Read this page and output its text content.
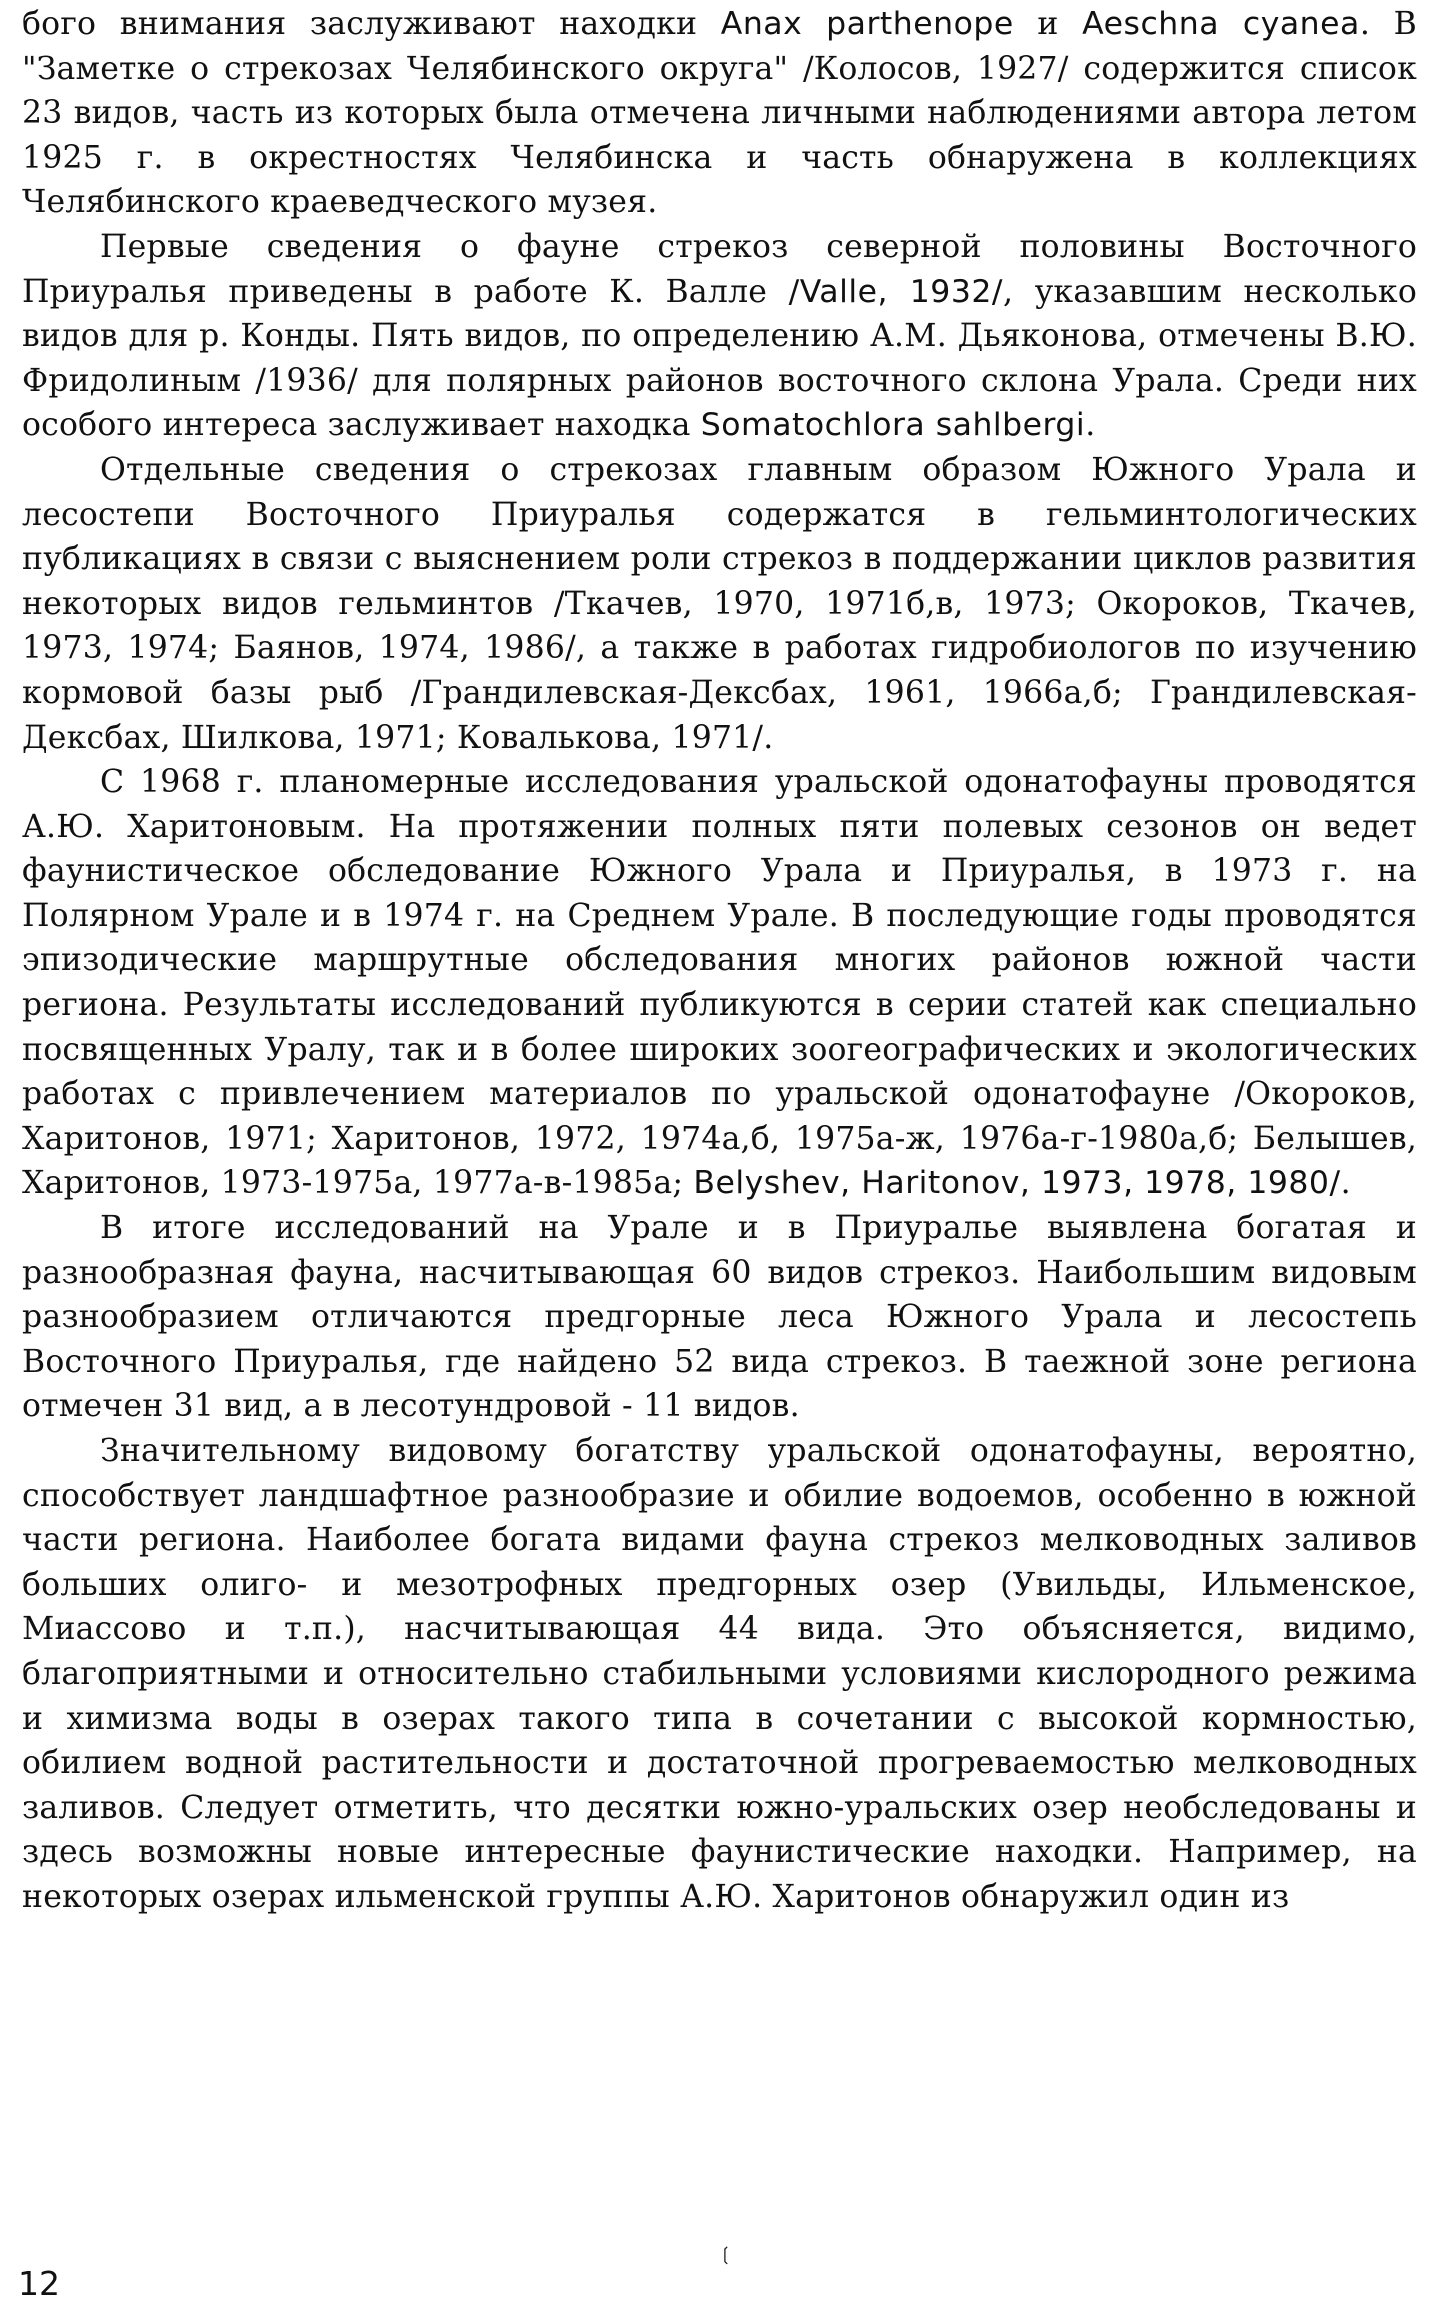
бого внимания заслуживают находки Anax parthenope и Aeschna cyanea. В "Заметке о стрекозах Челябинского округа" /Колосов, 1927/ содержится список 23 видов, часть из которых была отмечена личными наблюдениями автора летом 1925 г. в окрестностях Челябинска и часть обнаружена в коллекциях Челябинского краеведческого музея.

Первые сведения о фауне стрекоз северной половины Восточного Приуралья приведены в работе К. Валле /Valle, 1932/, указавшим несколько видов для р. Конды. Пять видов, по определению А.М. Дьяконова, отмечены В.Ю. Фридолиным /1936/ для полярных районов восточного склона Урала. Среди них особого интереса заслуживает находка Somatochlora sahlbergi.

Отдельные сведения о стрекозах главным образом Южного Урала и лесостепи Восточного Приуралья содержатся в гельминтологических публикациях в связи с выяснением роли стрекоз в поддержании циклов развития некоторых видов гельминтов /Ткачев, 1970, 1971б,в, 1973; Окороков, Ткачев, 1973, 1974; Баянов, 1974, 1986/, а также в работах гидробиологов по изучению кормовой базы рыб /Грандилевская-Дексбах, 1961, 1966а,б; Грандилевская-Дексбах, Шилкова, 1971; Ковалькова, 1971/.

С 1968 г. планомерные исследования уральской одонатофауны проводятся А.Ю. Харитоновым. На протяжении полных пяти полевых сезонов он ведет фаунистическое обследование Южного Урала и Приуралья, в 1973 г. на Полярном Урале и в 1974 г. на Среднем Урале. В последующие годы проводятся эпизодические маршрутные обследования многих районов южной части региона. Результаты исследований публикуются в серии статей как специально посвященных Уралу, так и в более широких зоогеографических и экологических работах с привлечением материалов по уральской одонатофауне /Окороков, Харитонов, 1971; Харитонов, 1972, 1974а,б, 1975а-ж, 1976а-г-1980а,б; Белышев, Харитонов, 1973-1975а, 1977а-в-1985а; Belyshev, Haritonov, 1973, 1978, 1980/.

В итоге исследований на Урале и в Приуралье выявлена богатая и разнообразная фауна, насчитывающая 60 видов стрекоз. Наибольшим видовым разнообразием отличаются предгорные леса Южного Урала и лесостепь Восточного Приуралья, где найдено 52 вида стрекоз. В таежной зоне региона отмечен 31 вид, а в лесотундровой - 11 видов.

Значительному видовому богатству уральской одонатофауны, вероятно, способствует ландшафтное разнообразие и обилие водоемов, особенно в южной части региона. Наиболее богата видами фауна стрекоз мелководных заливов больших олиго- и мезотрофных предгорных озер (Увильды, Ильменское, Миассово и т.п.), насчитывающая 44 вида. Это объясняется, видимо, благоприятными и относительно стабильными условиями кислородного режима и химизма воды в озерах такого типа в сочетании с высокой кормностью, обилием водной растительности и достаточной прогреваемостью мелководных заливов. Следует отметить, что десятки южно-уральских озер необследованы и здесь возможны новые интересные фаунистические находки. Например, на некоторых озерах ильменской группы А.Ю. Харитонов обнаружил один из

❲
12
